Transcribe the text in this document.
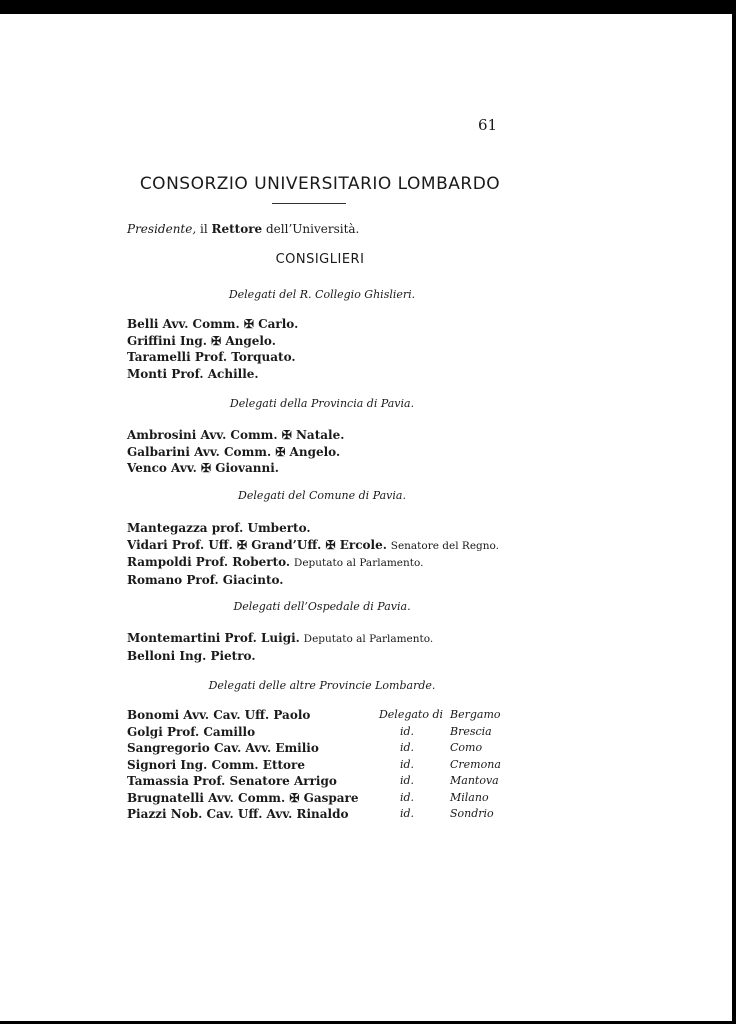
61
CONSORZIO UNIVERSITARIO LOMBARDO
Presidente, il Rettore dell’Università.
CONSIGLIERI
Delegati del R. Collegio Ghislieri.
Belli Avv. Comm. ✠ Carlo.
Griffini Ing. ✠ Angelo.
Taramelli Prof. Torquato.
Monti Prof. Achille.
Delegati della Provincia di Pavia.
Ambrosini Avv. Comm. ✠ Natale.
Galbarini Avv. Comm. ✠ Angelo.
Venco Avv. ✠ Giovanni.
Delegati del Comune di Pavia.
Mantegazza prof. Umberto.
Vidari Prof. Uff. ✠ Grand’Uff. ✠ Ercole. Senatore del Regno.
Rampoldi Prof. Roberto. Deputato al Parlamento.
Romano Prof. Giacinto.
Delegati dell’Ospedale di Pavia.
Montemartini Prof. Luigi. Deputato al Parlamento.
Belloni Ing. Pietro.
Delegati delle altre Provincie Lombarde.
Bonomi Avv. Cav. Uff. Paolo	Delegato di Bergamo
Golgi Prof. Camillo	id.	Brescia
Sangregorio Cav. Avv. Emilio	id.	Como
Signori Ing. Comm. Ettore	id.	Cremona
Tamassia Prof. Senatore Arrigo	id.	Mantova
Brugnatelli Avv. Comm. ✠ Gaspare	id.	Milano
Piazzi Nob. Cav. Uff. Avv. Rinaldo	id.	Sondrio
